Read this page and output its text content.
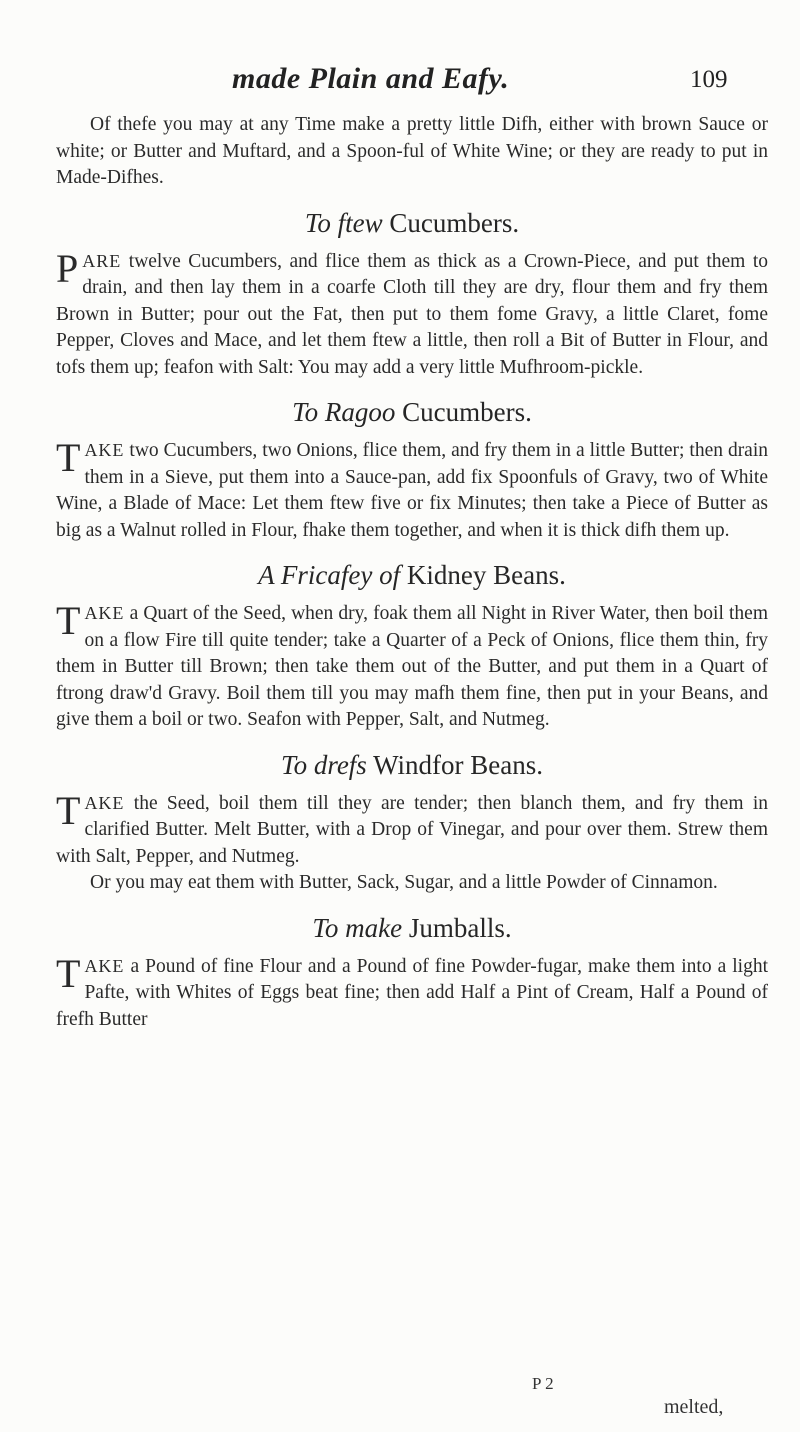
made Plain and Eafy.	109

Of thefe you may at any Time make a pretty little Difh, either with brown Sauce or white; or Butter and Muftard, and a Spoon-ful of White Wine; or they are ready to put in Made-Difhes.

To ftew Cucumbers.

PARE twelve Cucumbers, and flice them as thick as a Crown-Piece, and put them to drain, and then lay them in a coarfe Cloth till they are dry, flour them and fry them Brown in Butter; pour out the Fat, then put to them fome Gravy, a little Claret, fome Pepper, Cloves and Mace, and let them ftew a little, then roll a Bit of Butter in Flour, and tofs them up; feafon with Salt: You may add a very little Mufhroom-pickle.

To Ragoo Cucumbers.

TAKE two Cucumbers, two Onions, flice them, and fry them in a little Butter; then drain them in a Sieve, put them into a Sauce-pan, add fix Spoonfuls of Gravy, two of White Wine, a Blade of Mace: Let them ftew five or fix Minutes; then take a Piece of Butter as big as a Walnut rolled in Flour, fhake them together, and when it is thick difh them up.

A Fricafey of Kidney Beans.

TAKE a Quart of the Seed, when dry, foak them all Night in River Water, then boil them on a flow Fire till quite tender; take a Quarter of a Peck of Onions, flice them thin, fry them in Butter till Brown; then take them out of the Butter, and put them in a Quart of ftrong draw'd Gravy. Boil them till you may mafh them fine, then put in your Beans, and give them a boil or two. Seafon with Pepper, Salt, and Nutmeg.

To drefs Windfor Beans.

TAKE the Seed, boil them till they are tender; then blanch them, and fry them in clarified Butter. Melt Butter, with a Drop of Vinegar, and pour over them. Strew them with Salt, Pepper, and Nutmeg.

Or you may eat them with Butter, Sack, Sugar, and a little Powder of Cinnamon.

To make Jumballs.

TAKE a Pound of fine Flour and a Pound of fine Powder-fugar, make them into a light Pafte, with Whites of Eggs beat fine; then add Half a Pint of Cream, Half a Pound of frefh Butter

P 2
melted,
